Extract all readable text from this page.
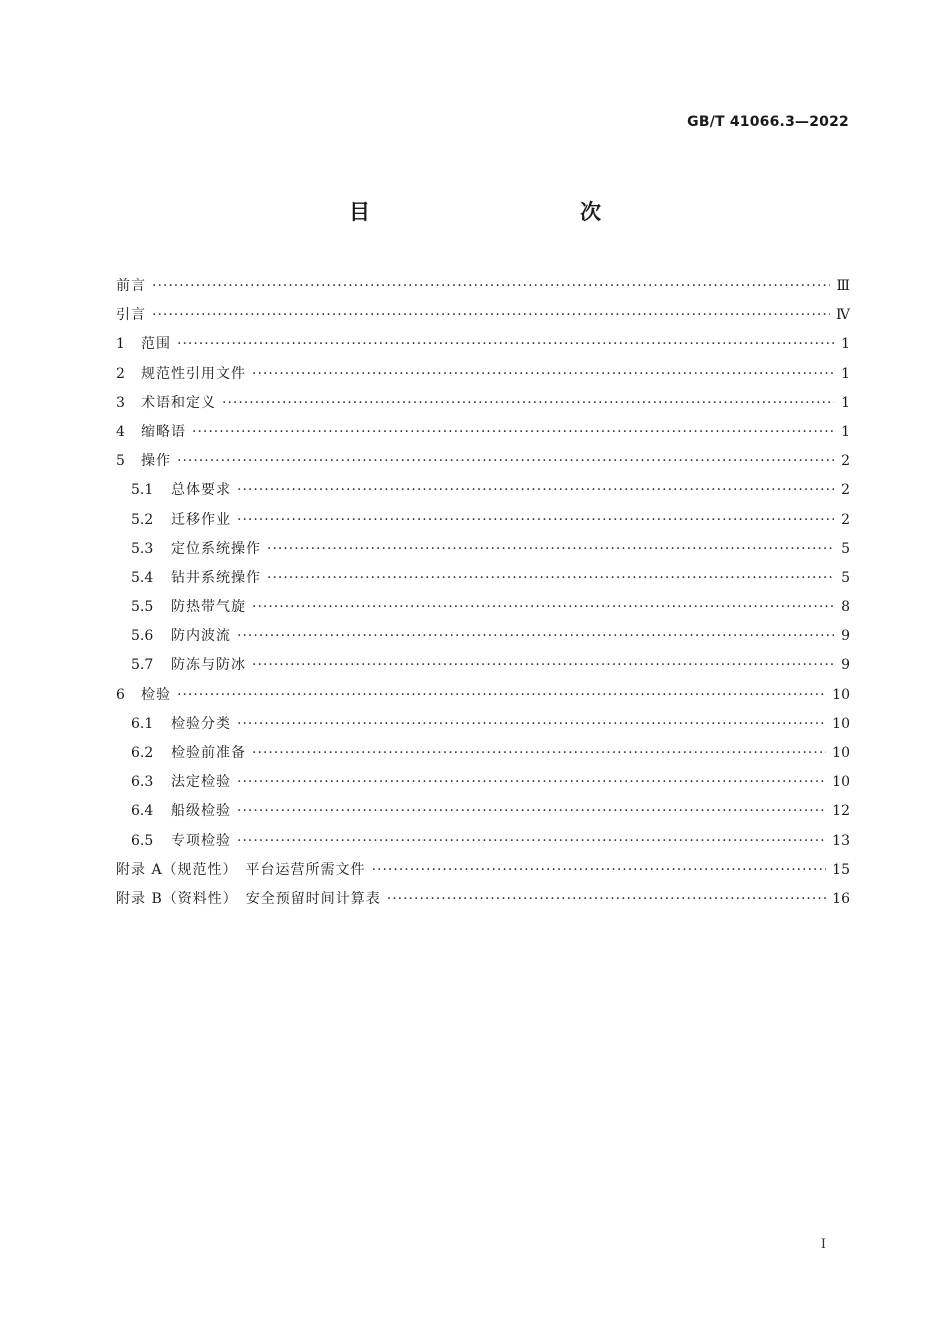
GB/T 41066.3—2022
目　　次
前言 ·····	Ⅲ
引言 ·····	Ⅳ
1 范围 ·····	1
2 规范性引用文件 ·····	1
3 术语和定义 ·····	1
4 缩略语 ·····	1
5 操作 ·····	2
5.1 总体要求 ·····	2
5.2 迁移作业 ·····	2
5.3 定位系统操作 ·····	5
5.4 钻井系统操作 ·····	5
5.5 防热带气旋 ·····	8
5.6 防内波流 ·····	9
5.7 防冻与防冰 ·····	9
6 检验 ·····	10
6.1 检验分类 ·····	10
6.2 检验前准备 ·····	10
6.3 法定检验 ·····	10
6.4 船级检验 ·····	12
6.5 专项检验 ·····	13
附录 A（规范性）　平台运营所需文件 ·····	15
附录 B（资料性）　安全预留时间计算表 ·····	16
Ⅰ
